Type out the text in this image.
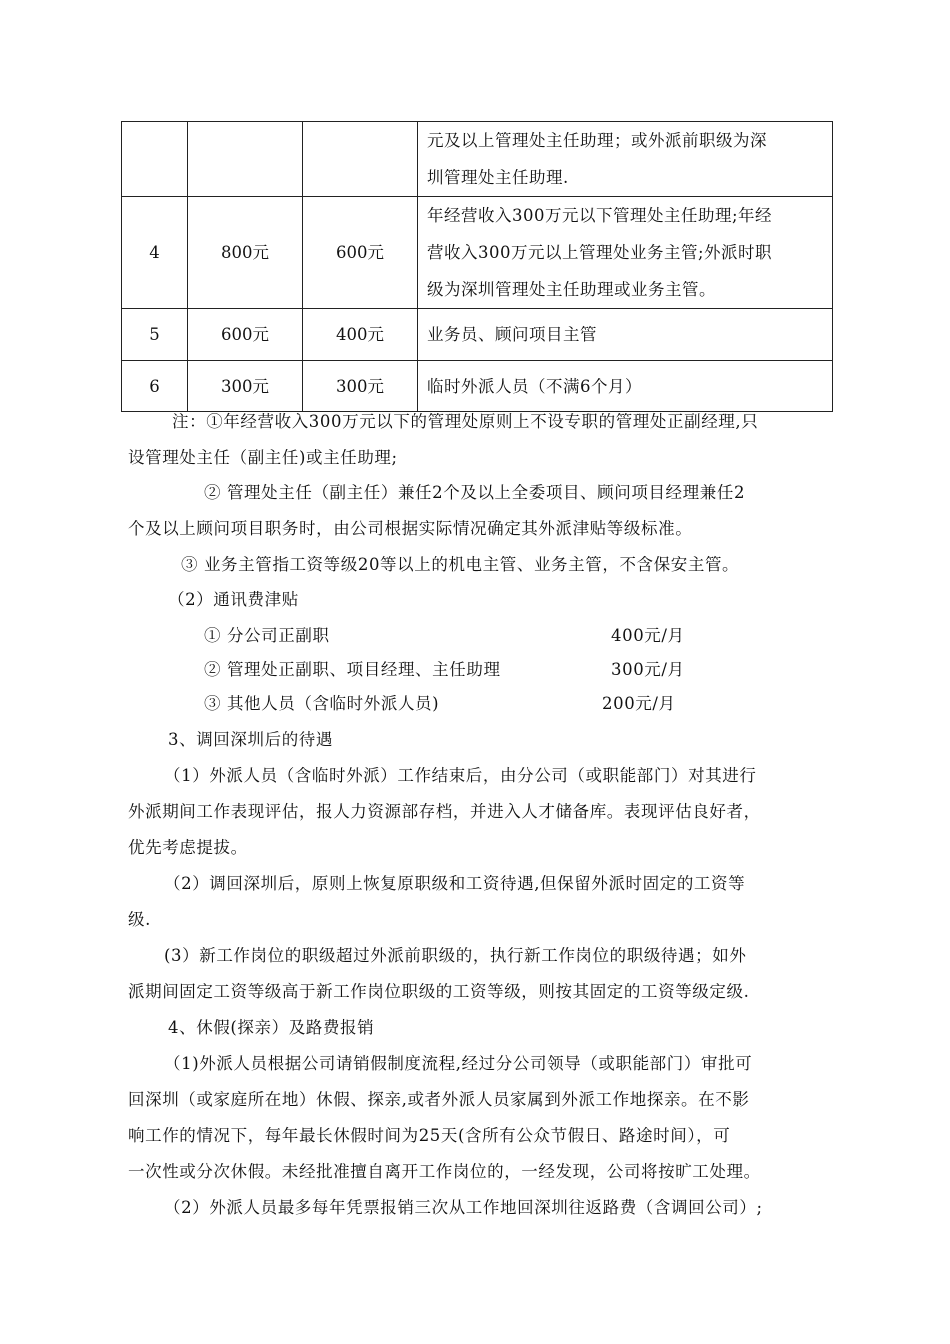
			元及以上管理处主任助理；或外派前职级为深
圳管理处主任助理.
4	800元	600元	年经营收入300万元以下管理处主任助理;年经
营收入300万元以上管理处业务主管;外派时职
级为深圳管理处主任助理或业务主管。
5	600元	400元	业务员、顾问项目主管
6	300元	300元	临时外派人员（不满6个月）
注：①年经营收入300万元以下的管理处原则上不设专职的管理处正副经理,只
设管理处主任（副主任)或主任助理;
② 管理处主任（副主任）兼任2个及以上全委项目、顾问项目经理兼任2
个及以上顾问项目职务时，由公司根据实际情况确定其外派津贴等级标准。
③ 业务主管指工资等级20等以上的机电主管、业务主管，不含保安主管。
（2）通讯费津贴
① 分公司正副职	400元/月
② 管理处正副职、项目经理、主任助理	300元/月
③ 其他人员（含临时外派人员)	200元/月
3、调回深圳后的待遇
（1）外派人员（含临时外派）工作结束后，由分公司（或职能部门）对其进行
外派期间工作表现评估，报人力资源部存档，并进入人才储备库。表现评估良好者，
优先考虑提拔。
（2）调回深圳后，原则上恢复原职级和工资待遇,但保留外派时固定的工资等
级.
(3）新工作岗位的职级超过外派前职级的，执行新工作岗位的职级待遇；如外
派期间固定工资等级高于新工作岗位职级的工资等级，则按其固定的工资等级定级.
4、休假(探亲）及路费报销
（1)外派人员根据公司请销假制度流程,经过分公司领导（或职能部门）审批可
回深圳（或家庭所在地）休假、探亲,或者外派人员家属到外派工作地探亲。在不影
响工作的情况下，每年最长休假时间为25天(含所有公众节假日、路途时间），可
一次性或分次休假。未经批准擅自离开工作岗位的，一经发现，公司将按旷工处理。
（2）外派人员最多每年凭票报销三次从工作地回深圳往返路费（含调回公司）;
